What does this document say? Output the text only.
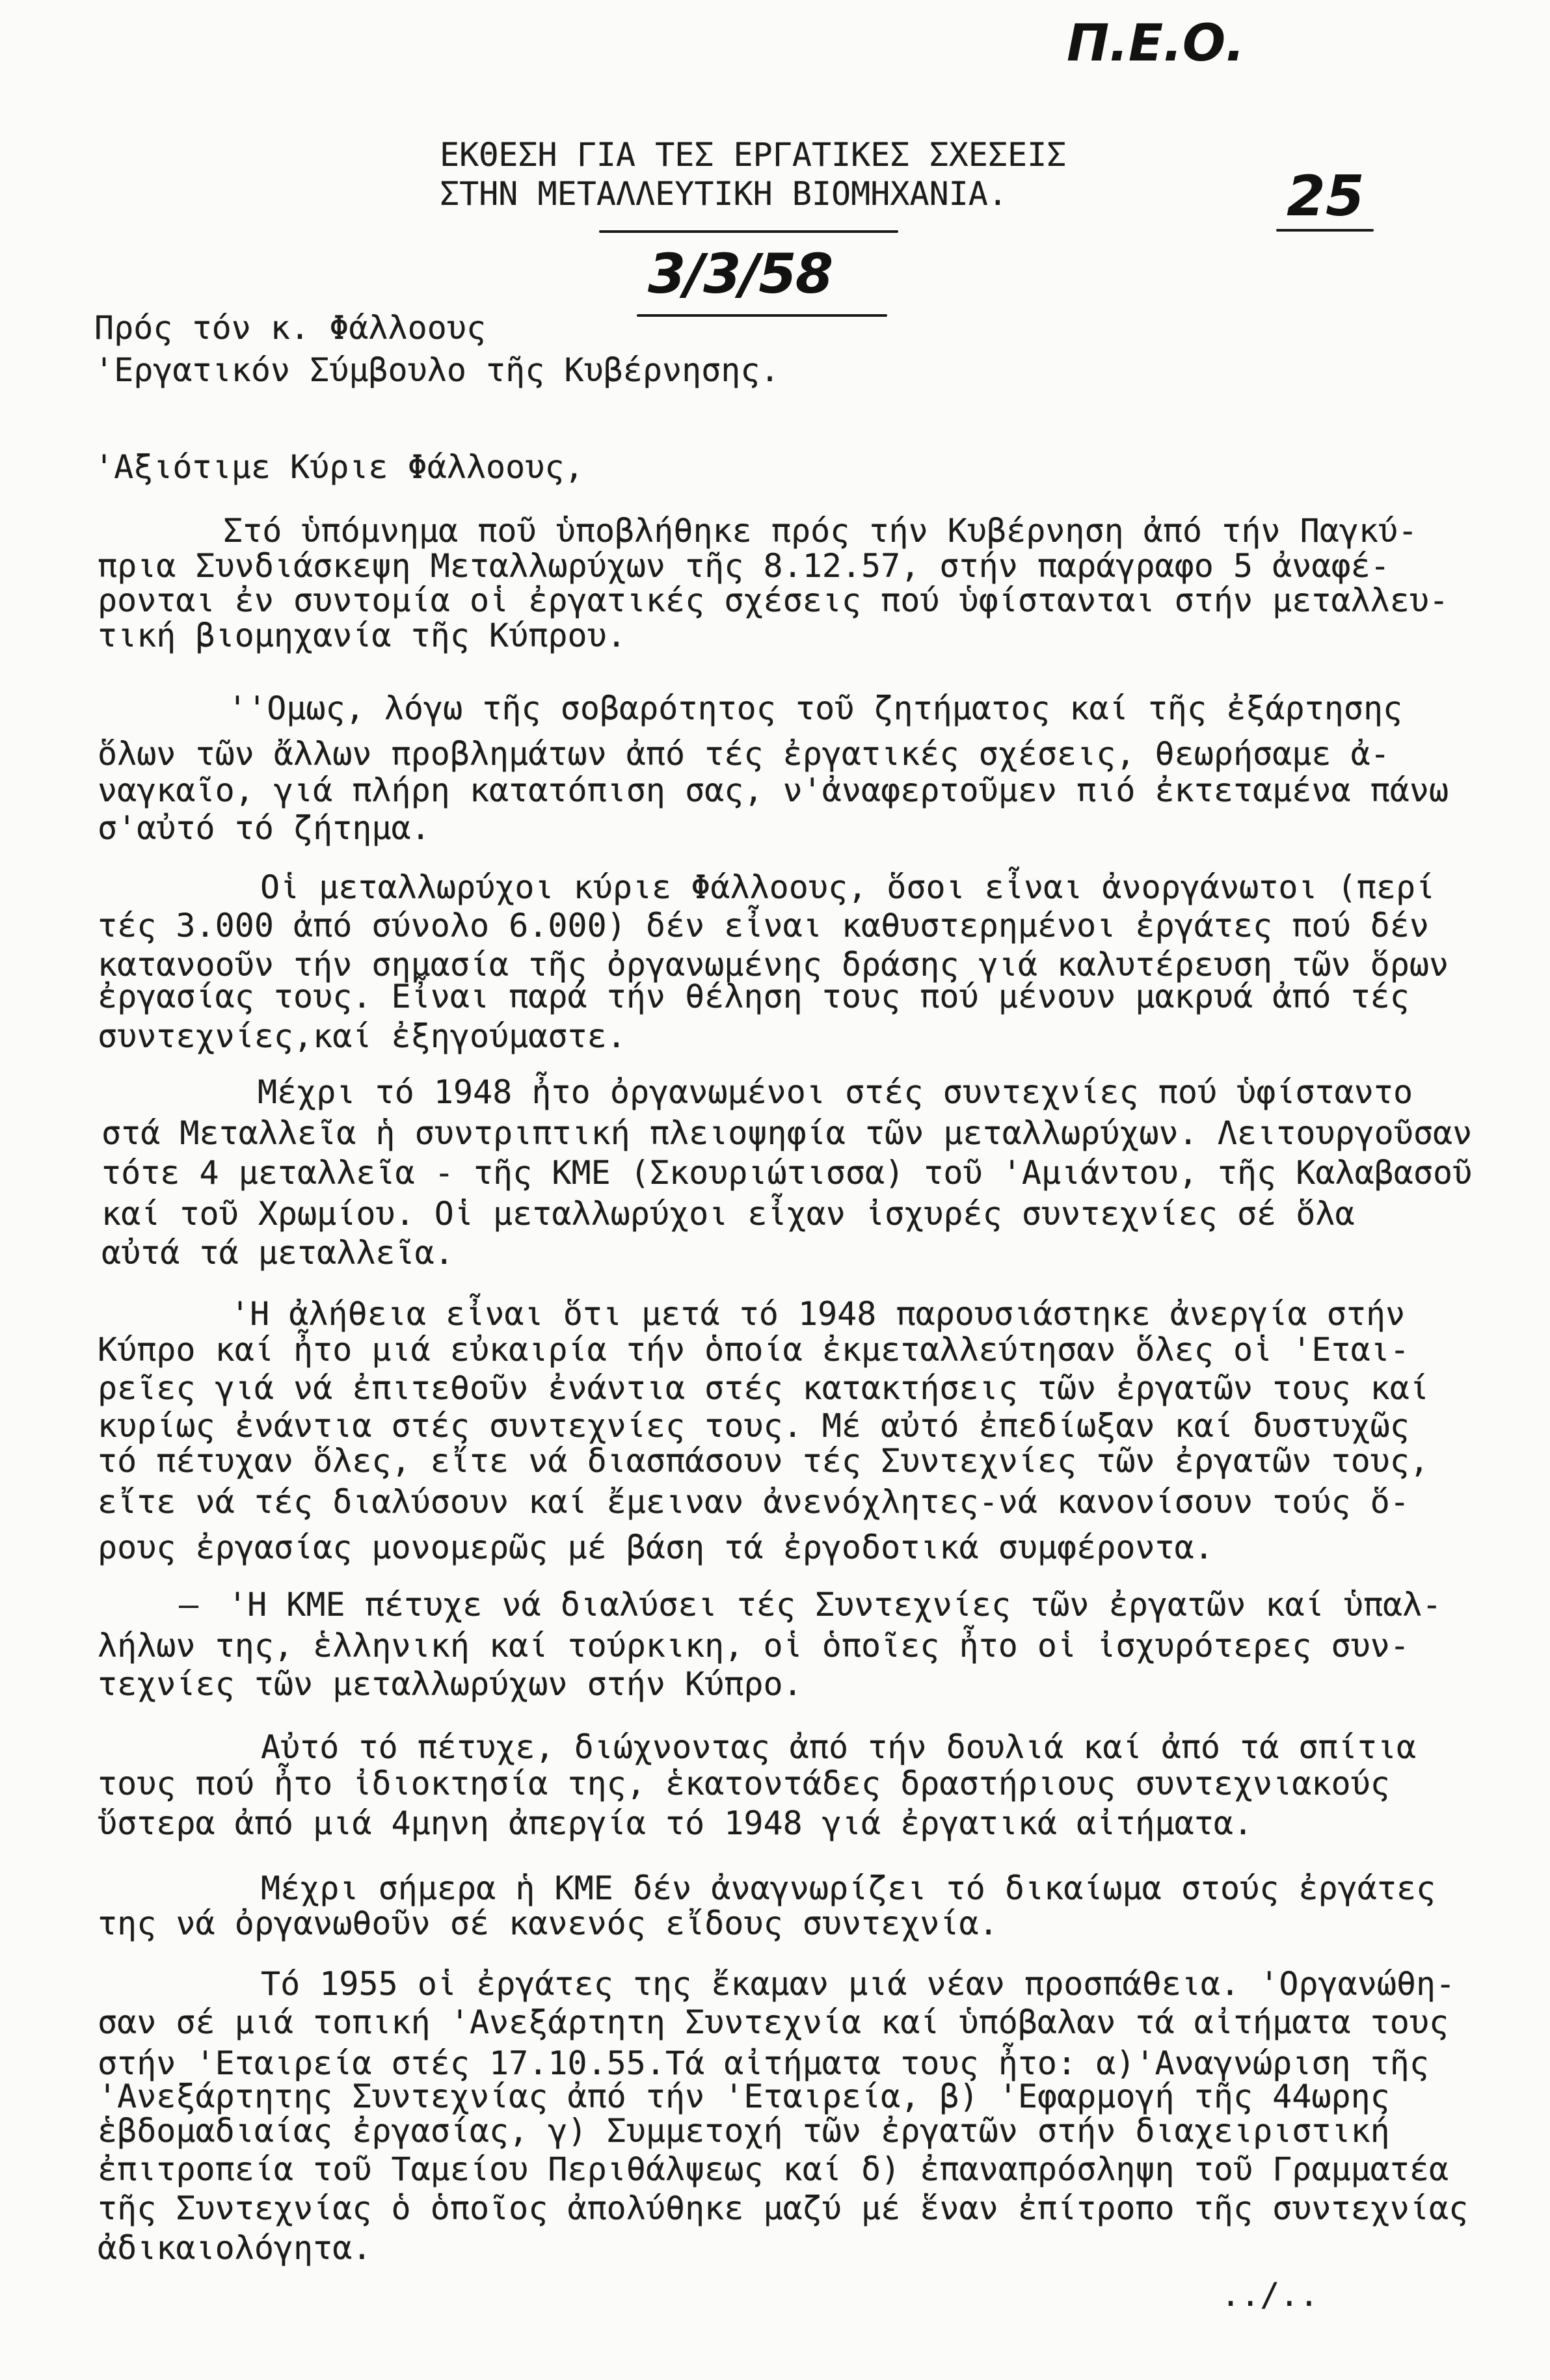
Π.Ε.Ο.
25
3/3/58
ΕΚΘΕΣΗ ΓΙΑ ΤΕΣ ΕΡΓΑΤΙΚΕΣ ΣΧΕΣΕΙΣ
ΣΤΗΝ ΜΕΤΑΛΛΕΥΤΙΚΗ ΒΙΟΜΗΧΑΝΙΑ.
Πρός τόν κ. Φάλλοους
'Εργατικόν Σύμβουλο τῆς Κυβέρνησης.
'Αξιότιμε Κύριε Φάλλοους,
Στό ὑπόμνημα ποῦ ὑποβλήθηκε πρός τήν Κυβέρνηση ἀπό τήν Παγκύ-
πρια Συνδιάσκεψη Μεταλλωρύχων τῆς 8.12.57, στήν παράγραφο 5 ἀναφέ-
ρονται ἐν συντομία οἱ ἐργατικές σχέσεις πού ὑφίστανται στήν μεταλλευ-
τική βιομηχανία τῆς Κύπρου.
''Ομως, λόγω τῆς σοβαρότητος τοῦ ζητήματος καί τῆς ἐξάρτησης
ὅλων τῶν ἄλλων προβλημάτων ἀπό τές ἐργατικές σχέσεις, θεωρήσαμε ἀ-
ναγκαῖο, γιά πλήρη κατατόπιση σας, ν'ἀναφερτοῦμεν πιό ἐκτεταμένα πάνω
σ'αὐτό τό ζήτημα.
Οἱ μεταλλωρύχοι κύριε Φάλλοους, ὅσοι εἶναι ἀνοργάνωτοι (περί
τές 3.000 ἀπό σύνολο 6.000) δέν εἶναι καθυστερημένοι ἐργάτες πού δέν
κατανοοῦν τήν σημασία τῆς ὀργανωμένης δράσης γιά καλυτέρευση τῶν ὅρων
ἐργασίας τους. Εἶναι παρά τήν θέληση τους πού μένουν μακρυά ἀπό τές
συντεχνίες,καί ἐξηγούμαστε.
Μέχρι τό 1948 ἦτο ὀργανωμένοι στές συντεχνίες πού ὑφίσταντο
στά Μεταλλεῖα ἡ συντριπτική πλειοψηφία τῶν μεταλλωρύχων. Λειτουργοῦσαν
τότε 4 μεταλλεῖα - τῆς ΚΜΕ (Σκουριώτισσα) τοῦ 'Αμιάντου, τῆς Καλαβασοῦ
καί τοῦ Χρωμίου. Οἱ μεταλλωρύχοι εἶχαν ἰσχυρές συντεχνίες σέ ὅλα
αὐτά τά μεταλλεῖα.
'Η ἀλήθεια εἶναι ὅτι μετά τό 1948 παρουσιάστηκε ἀνεργία στήν
Κύπρο καί ἦτο μιά εὐκαιρία τήν ὁποία ἐκμεταλλεύτησαν ὅλες οἱ 'Εται-
ρεῖες γιά νά ἐπιτεθοῦν ἐνάντια στές κατακτήσεις τῶν ἐργατῶν τους καί
κυρίως ἐνάντια στές συντεχνίες τους. Μέ αὐτό ἐπεδίωξαν καί δυστυχῶς
τό πέτυχαν ὅλες, εἴτε νά διασπάσουν τές Συντεχνίες τῶν ἐργατῶν τους,
εἴτε νά τές διαλύσουν καί ἔμειναν ἀνενόχλητες-νά κανονίσουν τούς ὅ-
ρους ἐργασίας μονομερῶς μέ βάση τά ἐργοδοτικά συμφέροντα.
– 'Η ΚΜΕ πέτυχε νά διαλύσει τές Συντεχνίες τῶν ἐργατῶν καί ὑπαλ-
λήλων της, ἑλληνική καί τούρκικη, οἱ ὁποῖες ἦτο οἱ ἰσχυρότερες συν-
τεχνίες τῶν μεταλλωρύχων στήν Κύπρο.
Αὐτό τό πέτυχε, διώχνοντας ἀπό τήν δουλιά καί ἀπό τά σπίτια
τους πού ἦτο ἰδιοκτησία της, ἑκατοντάδες δραστήριους συντεχνιακούς
ὕστερα ἀπό μιά 4μηνη ἀπεργία τό 1948 γιά ἐργατικά αἰτήματα.
Μέχρι σήμερα ἡ ΚΜΕ δέν ἀναγνωρίζει τό δικαίωμα στούς ἐργάτες
της νά ὀργανωθοῦν σέ κανενός εἴδους συντεχνία.
Τό 1955 οἱ ἐργάτες της ἔκαμαν μιά νέαν προσπάθεια. 'Οργανώθη-
σαν σέ μιά τοπική 'Ανεξάρτητη Συντεχνία καί ὑπόβαλαν τά αἰτήματα τους
στήν 'Εταιρεία στές 17.10.55.Τά αἰτήματα τους ἦτο: α)'Αναγνώριση τῆς
'Ανεξάρτητης Συντεχνίας ἀπό τήν 'Εταιρεία, β) 'Εφαρμογή τῆς 44ωρης
ἑβδομαδιαίας ἐργασίας, γ) Συμμετοχή τῶν ἐργατῶν στήν διαχειριστική
ἐπιτροπεία τοῦ Ταμείου Περιθάλψεως καί δ) ἐπαναπρόσληψη τοῦ Γραμματέα
τῆς Συντεχνίας ὁ ὁποῖος ἀπολύθηκε μαζύ μέ ἕναν ἐπίτροπο τῆς συντεχνίας
ἀδικαιολόγητα.
../..
